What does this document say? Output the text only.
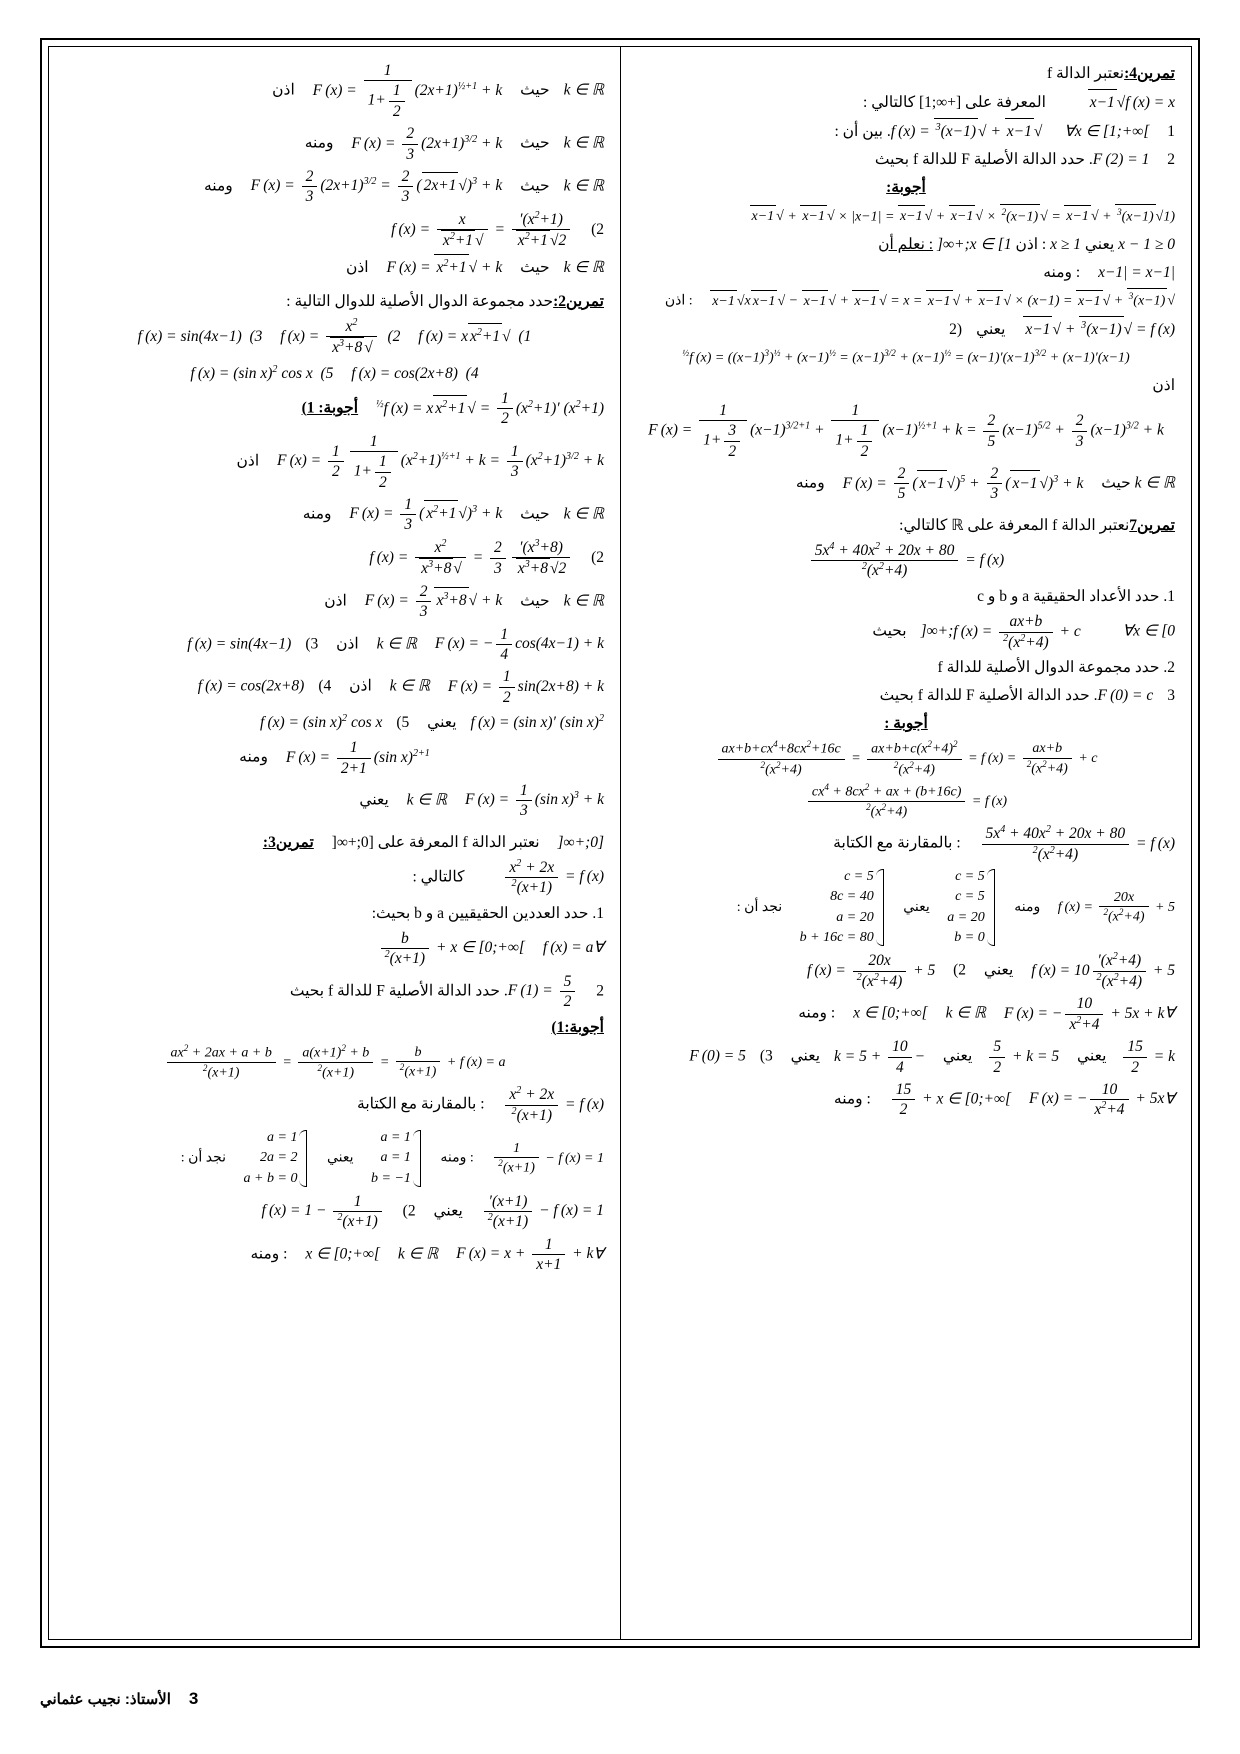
تمرين4:نعتبر الدالة f
f (x) = x√x−1  المعرفة على [+∞;1] كالتالي :
f (x) =	$√(x-1)^3$	+ √x−1 ∀x ∈ [1;+∞[ 1. بين أن :
F (2) = 1 2. حدد الدالة الأصلية F للدالة f بحيث
أجوبة:
($1√(x-1)^3 + √x-1 = √(x-1)^2 \times √x-1 + √x-1 = |x-1| \times √x-1 + √x-1$
x − 1 ≥ 0 يعني x ≥ 1 : اذن x ∈ [1;+∞[ : نعلم أن
|x−1| = x−1 : ومنه
$√(x-1)^3 + √x-1 = (x-1) \times √x-1 + √x-1 = x√x-1 - √x-1 + √x-1 = x√x-1$ : اذن
f $(x) = √(x-1)^3 + √x-1$ يعني(2
f $(x) = ((x-1)^3)^{\frac{1}{2}} + (x-1)^{\frac{1}{2}} = (x-1)^{3/2} + (x-1)^{\frac{1}{2}} = (x-1)'(x-1)^{3/2} + (x-1)'(x-1)^{\frac{1}{2}}$
اذن
F (x) = 1
$\frac{3}{2}$
+1 $(x-1)^{3/2+1} + 1$
$\frac{1}{2}$
+1 $(x-1)^{\frac{1}{2}+1} + k = \frac{2}{5} (x-1)^{5/2} + \frac{2}{3} (x-1)^{3/2} + k$
k ∈ ℝ حيث F $(x) = \frac{2}{5}$ ( √x−1 )$^5 + \frac{2}{3}$ ( √x−1 )$^3$ + k ومنه
تمرين7نعتبر الدالة f المعرفة على ℝ كالتالي:
f (x) =
$\frac{5x^4 + 40x^2 + 20x + 80}{(x^2+4)^2}$
1. حدد الأعداد الحقيقية a و b و c
f $(x) = \frac{ax+b}{(x^2+4)^2} + c$  ∀x ∈ [0;+∞[بحيث
2. حدد مجموعة الدوال الأصلية للدالة f
F (0) = c3. حدد الدالة الأصلية F للدالة f بحيث
أجوبة :
f $(x) = \frac{ax+b}{(x^2+4)^2}$
+ c =
$\frac{ax+b+c(x^2+4)^2}{(x^2+4)^2}$
=
$\frac{ax+b+cx^4+8cx^2+16c}{(x^2+4)^2}$
f (x) =
$\frac{cx^4 + 8cx^2 + ax + (b+16c)}{(x^2+4)^2}$
f (x) =
$\frac{5x^4 + 40x^2 + 20x + 80}{(x^2+4)^2}$
: بالمقارنة مع الكتابة
f $(x) = \frac{20x}{(x^2+4)^2} + 5$ ومنه
c = 5
c = 5
a = 20
b = 0
يعني
c = 5
8c = 40
a = 20
b + 16c = 80
نجد أن :
f $(x) = 10 \frac{(x^2+4)'}{(x^2+4)^2} + 5$ يعني f $(x) = \frac{20x}{(x^2+4)^2} + 5$ (2
∀x ∈ [0;+∞[ k ∈ ℝ F (x) = − $\frac{10}{x^2+4} + 5x + k$ : ومنه
k =
$\frac{15}{2}$
يعني k = 5 +
$\frac{5}{2}$
يعني −
$\frac{10}{4}$
+ k = 5يعني F (0) = 5 (3
∀x ∈ [0;+∞[ F (x) = − $\frac{10}{x^2+4}$
+ 5x +
$\frac{15}{2}$
: ومنه
k ∈ ℝحيث F (x) = 1
$\frac{1}{2}$
+1 $(2x+1)^{\frac{1}{2}+1} + k$ اذن
k ∈ ℝحيث F $(x) = \frac{2}{3} (2x+1)^{3/2} + k$ ومنه
k ∈ ℝحيث F $(x) = \frac{2}{3} (2x+1)^{3/2} = \frac{2}{3}$ ( √2x+1 )$^3$ + k ومنه
f $(x) = \frac{x}{√x^2+1} = \frac{(x^2+1)'}{2√x^2+1} (2$
k ∈ ℝحيث F $(x) = √x^2+1 + k$ اذن
تمرين2:حدد مجموعة الدوال الأصلية للدوال التالية :
f (x) = sin(4x−1)  (3 f $(x) = \frac{x^2}{√8+x^3} (2$ f (x) = x $√x^2+1$  (1
f (x) = (sin x)$^2$ cos x  (5 f (x) = cos(2x+8)  (4
f (x) = x $√x^2+1 = \frac{1}{2} (x^2+1)'$ $(x^2+1)^{\frac{1}{2}}$ أجوبة: 1)
F $(x) = \frac{1}{2} 1$
$\frac{1}{2}$
+1 $(x^2+1)^{\frac{1}{2}+1} + k = \frac{1}{3} (x^2+1)^{3/2} + k$ اذن
k ∈ ℝحيث F $(x) = \frac{1}{3}$ ( $√x^2+1$ )$^3$ + k ومنه
f $(x) = \frac{x^2}{√8+x^3} = \frac{2}{3} \frac{(8+x^3)'}{2√8+x^3} (2$
k ∈ ℝحيث F $(x) = \frac{2}{3} √8+x^3 + k$ اذن
k ∈ ℝ F (x) = − $\frac{1}{4} \cos(4x-1) + k$ اذن f (x) = sin(4x−1) (3
k ∈ ℝ F $(x) = \frac{1}{2} \sin(2x+8) + k$ اذن f (x) = cos(2x+8) (4
f (x) = (sin x)′ (sin x)$^2$يعني f (x) = (sin x)$^2$ cos x (5
F $(x) = \frac{1}{2+1} (\sin$ x)$^{2+1}$ ومنه
k ∈ ℝ F $(x) = \frac{1}{3} (\sin$ x)$^3$ + k يعني
[0;+∞[ نعتبر الدالة f المعرفة على [0;+∞[ تمرين3:
f (x) =
$\frac{x^2 + 2x}{(x+1)^2}$
كالتالي :
1. حدد العددين الحقيقيين a و b بحيث:
∀x ∈ [0;+∞[ f (x) = a +
$\frac{b}{(x+1)^2}$
F $(1) = \frac{5}{2}$
2. حدد الدالة الأصلية F للدالة f بحيث
أجوبة:1)
f (x) = a +
$\frac{b}{(x+1)^2}$
=
$\frac{a(x+1)^2 + b}{(x+1)^2}$
=
$\frac{ax^2 + 2ax + a + b}{(x+1)^2}$
f (x) =
$\frac{x^2 + 2x}{(x+1)^2}$
: بالمقارنة مع الكتابة
f (x) = 1 −
$\frac{1}{(x+1)^2}$
: ومنه
a = 1
a = 1
b = −1
يعني
a = 1
2a = 2
a + b = 0
نجد أن :
f (x) = 1 −
$\frac{(x+1)'}{(x+1)^2}$
يعني f $(x) = 1 - \frac{1}{(x+1)^2} (2$
∀x ∈ [0;+∞[ k ∈ ℝ F $(x) = x + \frac{1}{x+1} + k$ : ومنه
الأستاذ: نجيب عثماني 3
